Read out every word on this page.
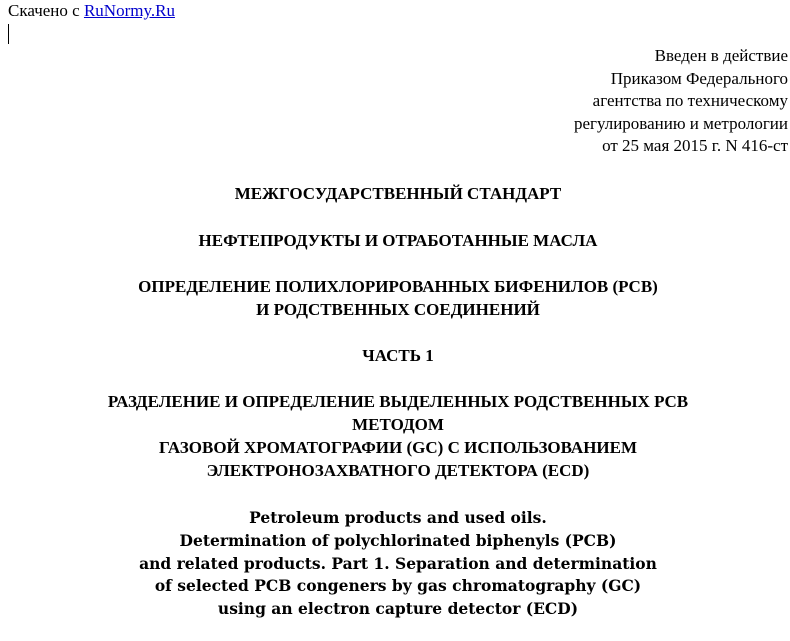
Скачено с RuNormy.Ru
Введен в действие
Приказом Федерального
агентства по техническому
регулированию и метрологии
от 25 мая 2015 г. N 416-ст
МЕЖГОСУДАРСТВЕННЫЙ СТАНДАРТ
НЕФТЕПРОДУКТЫ И ОТРАБОТАННЫЕ МАСЛА
ОПРЕДЕЛЕНИЕ ПОЛИХЛОРИРОВАННЫХ БИФЕНИЛОВ (PCB)
И РОДСТВЕННЫХ СОЕДИНЕНИЙ
ЧАСТЬ 1
РАЗДЕЛЕНИЕ И ОПРЕДЕЛЕНИЕ ВЫДЕЛЕННЫХ РОДСТВЕННЫХ PCB
МЕТОДОМ
ГАЗОВОЙ ХРОМАТОГРАФИИ (GC) С ИСПОЛЬЗОВАНИЕМ
ЭЛЕКТРОНОЗАХВАТНОГО ДЕТЕКТОРА (ECD)
Petroleum products and used oils.
Determination of polychlorinated biphenyls (PCB)
and related products. Part 1. Separation and determination
of selected PCB congeners by gas chromatography (GC)
using an electron capture detector (ECD)
